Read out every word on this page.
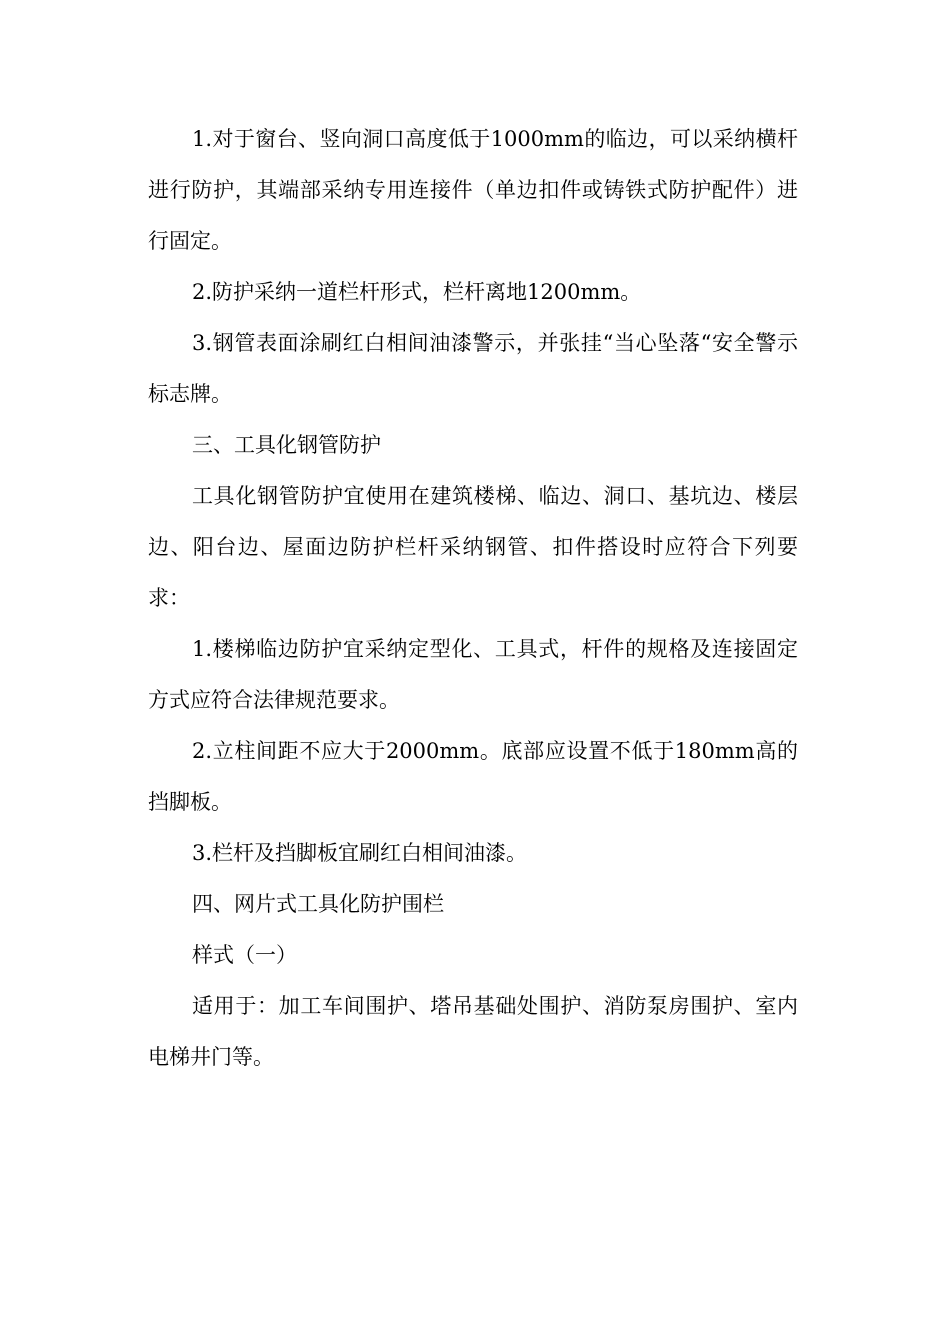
1.对于窗台、竖向洞口高度低于1000mm的临边，可以采纳横杆进行防护，其端部采纳专用连接件（单边扣件或铸铁式防护配件）进行固定。

2.防护采纳一道栏杆形式，栏杆离地1200mm。

3.钢管表面涂刷红白相间油漆警示，并张挂“当心坠落“安全警示标志牌。

三、工具化钢管防护

工具化钢管防护宜使用在建筑楼梯、临边、洞口、基坑边、楼层边、阳台边、屋面边防护栏杆采纳钢管、扣件搭设时应符合下列要求：

1.楼梯临边防护宜采纳定型化、工具式，杆件的规格及连接固定方式应符合法律规范要求。

2.立柱间距不应大于2000mm。底部应设置不低于180mm高的挡脚板。

3.栏杆及挡脚板宜刷红白相间油漆。

四、网片式工具化防护围栏

样式（一）

适用于：加工车间围护、塔吊基础处围护、消防泵房围护、室内电梯井门等。
